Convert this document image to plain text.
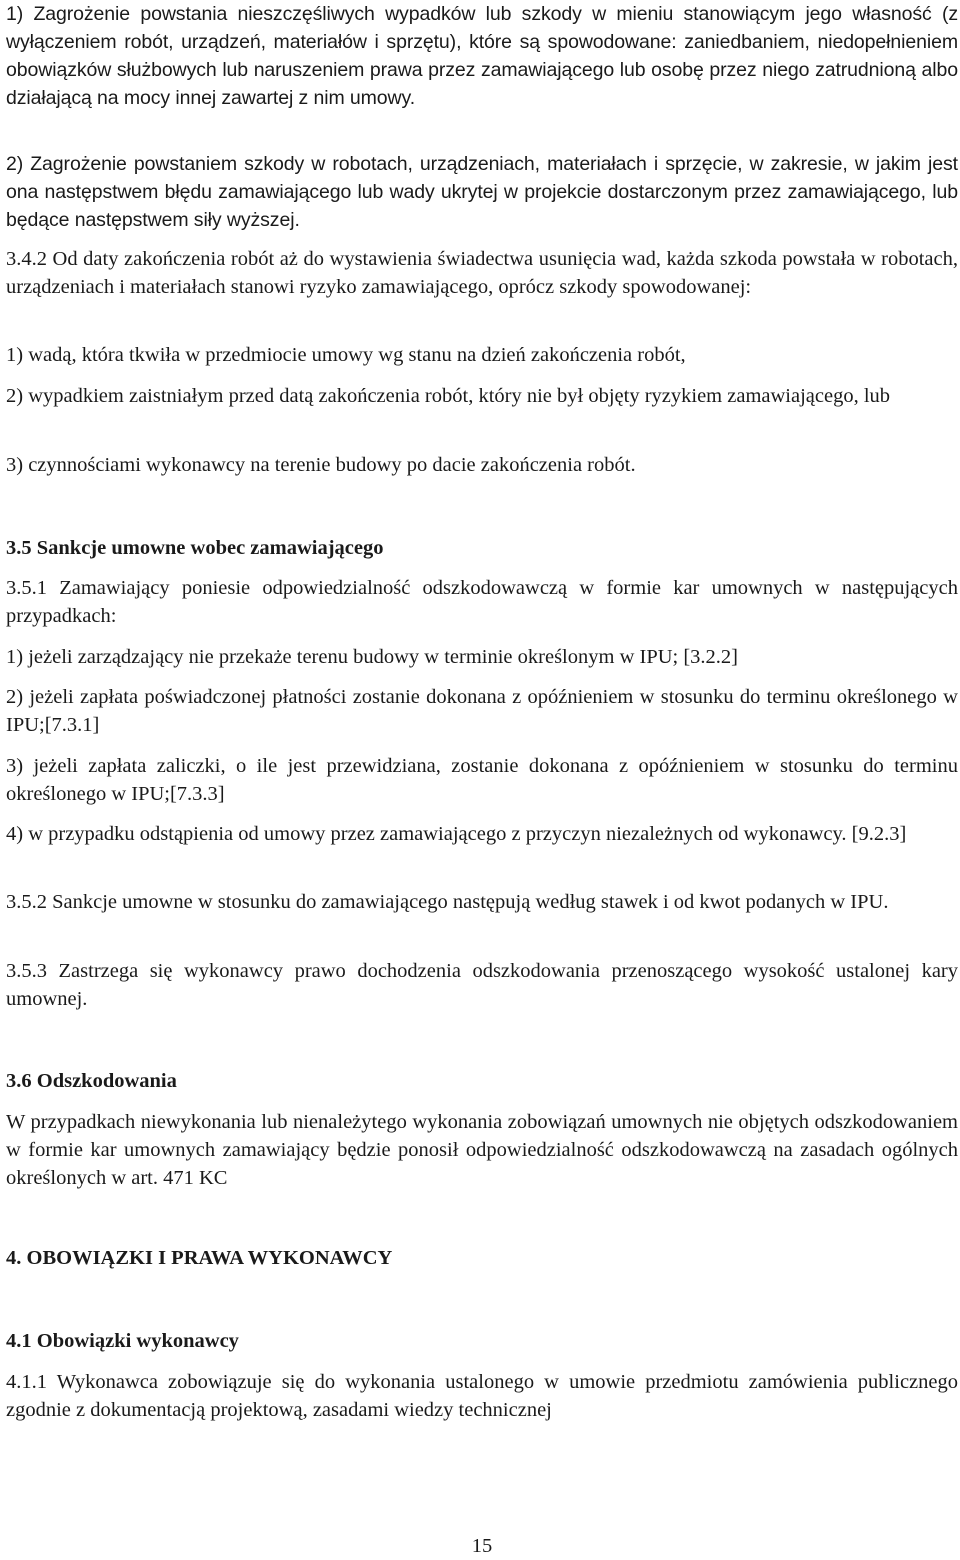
1) Zagrożenie powstania nieszczęśliwych wypadków lub szkody w mieniu stanowiącym jego własność (z wyłączeniem robót, urządzeń, materiałów i sprzętu), które są spowodowane: zaniedbaniem, niedopełnieniem obowiązków służbowych lub naruszeniem prawa przez zamawiającego lub osobę przez niego zatrudnioną albo działającą na mocy innej zawartej z nim umowy.

2) Zagrożenie powstaniem szkody w robotach, urządzeniach, materiałach i sprzęcie, w zakresie, w jakim jest ona następstwem błędu zamawiającego lub wady ukrytej w projekcie dostarczonym przez zamawiającego, lub będące następstwem siły wyższej.

3.4.2 Od daty zakończenia robót aż do wystawienia świadectwa usunięcia wad, każda szkoda powstała w robotach, urządzeniach i materiałach stanowi ryzyko zamawiającego, oprócz szkody spowodowanej:

1) wadą, która tkwiła w przedmiocie umowy wg stanu na dzień zakończenia robót,

2) wypadkiem zaistniałym przed datą zakończenia robót, który nie był objęty ryzykiem zamawiającego, lub

3) czynnościami wykonawcy na terenie budowy po dacie zakończenia robót.

3.5 Sankcje umowne wobec zamawiającego

3.5.1 Zamawiający poniesie odpowiedzialność odszkodowawczą w formie kar umownych w następujących przypadkach:

1) jeżeli zarządzający nie przekaże terenu budowy w terminie określonym w IPU; [3.2.2]

2) jeżeli zapłata poświadczonej płatności zostanie dokonana z opóźnieniem w stosunku do terminu określonego w IPU;[7.3.1]

3) jeżeli zapłata zaliczki, o ile jest przewidziana, zostanie dokonana z opóźnieniem w stosunku do terminu określonego w IPU;[7.3.3]

4) w przypadku odstąpienia od umowy przez zamawiającego z przyczyn niezależnych od wykonawcy. [9.2.3]

3.5.2 Sankcje umowne w stosunku do zamawiającego następują według stawek i od kwot podanych w IPU.

3.5.3 Zastrzega się wykonawcy prawo dochodzenia odszkodowania przenoszącego wysokość ustalonej kary umownej.

3.6 Odszkodowania

W przypadkach niewykonania lub nienależytego wykonania zobowiązań umownych nie objętych odszkodowaniem w formie kar umownych zamawiający będzie ponosił odpowiedzialność odszkodowawczą na zasadach ogólnych określonych w art. 471 KC

4. OBOWIĄZKI I PRAWA WYKONAWCY

4.1 Obowiązki wykonawcy

4.1.1 Wykonawca zobowiązuje się do wykonania ustalonego w umowie przedmiotu zamówienia publicznego zgodnie z dokumentacją projektową, zasadami wiedzy technicznej

15
